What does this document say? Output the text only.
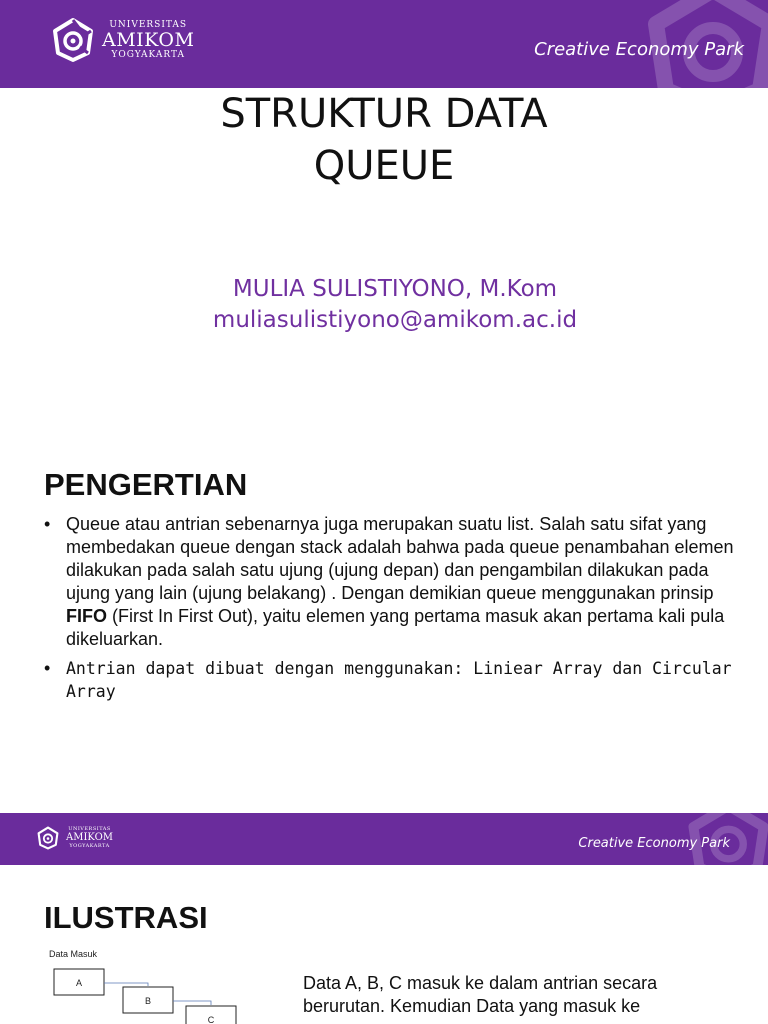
UNIVERSITAS
AMIKOM
YOGYAKARTA	Creative Economy Park
STRUKTUR DATA
QUEUE
MULIA SULISTIYONO, M.Kom
muliasulistiyono@amikom.ac.id
PENGERTIAN
• Queue atau antrian sebenarnya juga merupakan suatu list. Salah satu sifat yang membedakan queue dengan stack adalah bahwa pada queue penambahan elemen dilakukan pada salah satu ujung (ujung depan) dan pengambilan dilakukan pada ujung yang lain (ujung belakang) . Dengan demikian queue menggunakan prinsip FIFO (First In First Out), yaitu elemen yang pertama masuk akan pertama kali pula dikeluarkan.
• Antrian dapat dibuat dengan menggunakan: Liniear Array dan Circular Array
UNIVERSITAS
AMIKOM
YOGYAKARTA	Creative Economy Park
ILUSTRASI
Data Masuk
A
B
C
Data A, B, C masuk ke dalam antrian secara berurutan. Kemudian Data yang masuk ke
